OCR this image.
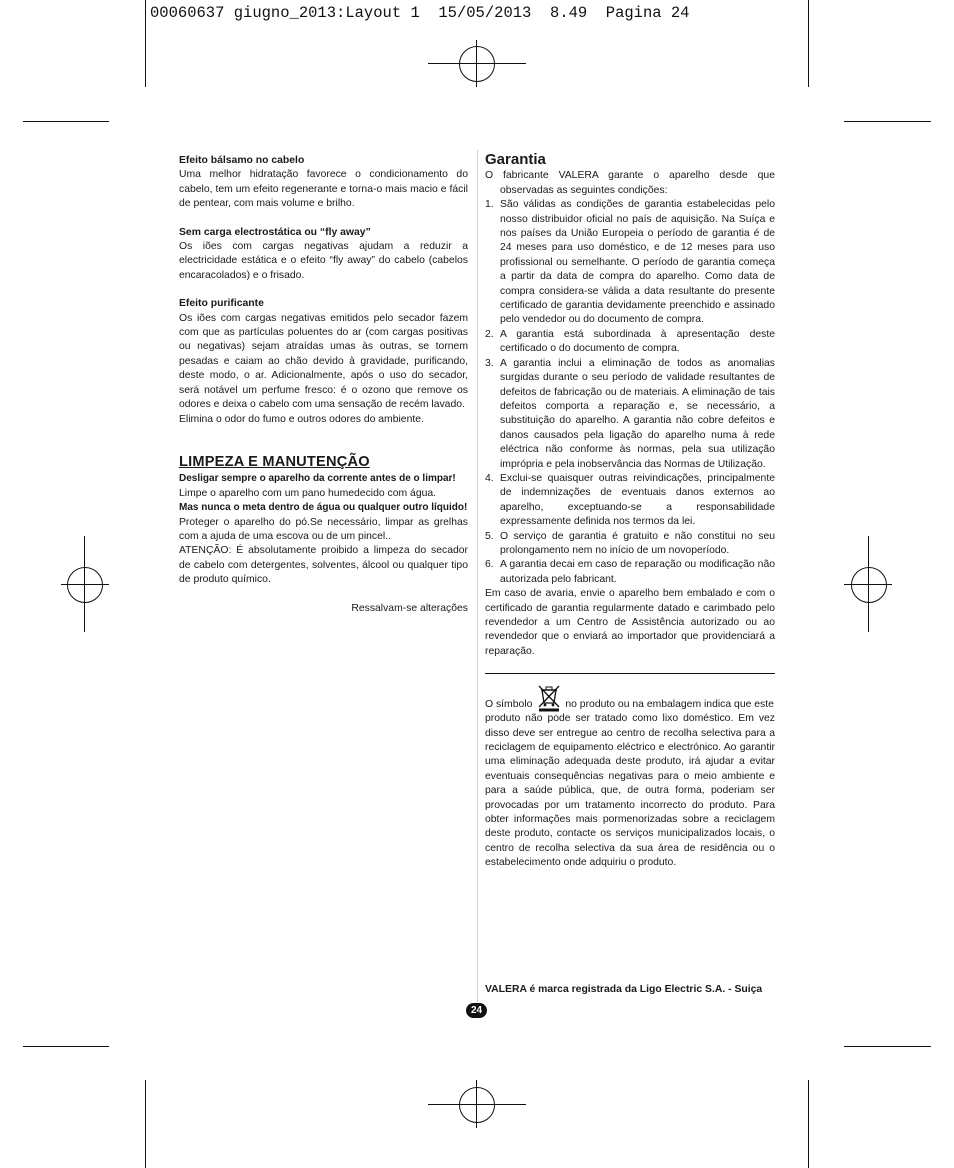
00060637 giugno_2013:Layout 1  15/05/2013  8.49  Pagina 24
Efeito bálsamo no cabelo
Uma melhor hidratação favorece o condicionamento do cabelo, tem um efeito regenerante e torna-o mais macio e fácil de pentear, com mais volume e brilho.
Sem carga electrostática ou “fly away”
Os iões com cargas negativas ajudam a reduzir a electricidade estática e o efeito “fly away” do cabelo (cabelos encaracolados) e o frisado.
Efeito purificante
Os iões com cargas negativas emitidos pelo secador fazem com que as partículas poluentes do ar (com cargas positivas ou negativas) sejam atraídas umas às outras, se tornem pesadas e caiam ao chão devido à gravidade, purificando, deste modo, o ar. Adicionalmente, após o uso do secador, será notável um perfume fresco: é o ozono que remove os odores e deixa o cabelo com uma sensação de recém lavado.
Elimina o odor do fumo e outros odores do ambiente.
LIMPEZA E MANUTENÇÃO
Desligar sempre o aparelho da corrente antes de o limpar!
Limpe o aparelho com um pano humedecido com água.
Mas nunca o meta dentro de água ou qualquer outro líquido!
Proteger o aparelho do pó.Se necessário, limpar as grelhas com a ajuda de uma escova ou de um pincel..
ATENÇÃO: É absolutamente proibido a limpeza do secador de cabelo com detergentes, solventes, álcool ou qualquer tipo de produto químico.
Ressalvam-se alterações
Garantia
O fabricante VALERA garante o aparelho desde que observadas as seguintes condições:
1. São válidas as condições de garantia estabelecidas pelo nosso distribuidor oficial no país de aquisição. Na Suíça e nos países da União Europeia o período de garantia é de 24 meses para uso doméstico, e de 12 meses para uso profissional ou semelhante. O período de garantia começa a partir da data de compra do aparelho. Como data de compra considera-se válida a data resultante do presente certificado de garantia devidamente preenchido e assinado pelo vendedor ou do documento de compra.
2. A garantia está subordinada à apresentação deste certificado o do documento de compra.
3. A garantia inclui a eliminação de todos as anomalias surgidas durante o seu período de validade resultantes de defeitos de fabricação ou de materiais. A eliminação de tais defeitos comporta a reparação e, se necessário, a substituição do aparelho. A garantia não cobre defeitos e danos causados pela ligação do aparelho numa à rede eléctrica não conforme às normas, pela sua utilização imprópria e pela inobservância das Normas de Utilização.
4. Exclui-se quaisquer outras reivindicações, principalmente de indemnizações de eventuais danos externos ao aparelho, exceptuando-se a responsabilidade expressamente definida nos termos da lei.
5. O serviço de garantia é gratuito e não constitui no seu prolongamento nem no início de um novoperíodo.
6. A garantia decai em caso de reparação ou modificação não autorizada pelo fabricant.
Em caso de avaria, envie o aparelho bem embalado e com o certificado de garantia regularmente datado e carimbado pelo revendedor a um Centro de Assistência autorizado ou ao revendedor que o enviará ao importador que providenciará a reparação.
O símbolo	no produto ou na embalagem indica que este
produto não pode ser tratado como lixo doméstico. Em vez disso deve ser entregue ao centro de recolha selectiva para a reciclagem de equipamento eléctrico e electrónico. Ao garantir uma eliminação adequada deste produto, irá ajudar a evitar eventuais consequências negativas para o meio ambiente e para a saúde pública, que, de outra forma, poderiam ser provocadas por um tratamento incorrecto do produto. Para obter informações mais pormenorizadas sobre a reciclagem deste produto, contacte os serviços municipalizados locais, o centro de recolha selectiva da sua área de residência ou o estabelecimento onde adquiriu o produto.
VALERA é marca registrada da Ligo Electric S.A. - Suiça
24
